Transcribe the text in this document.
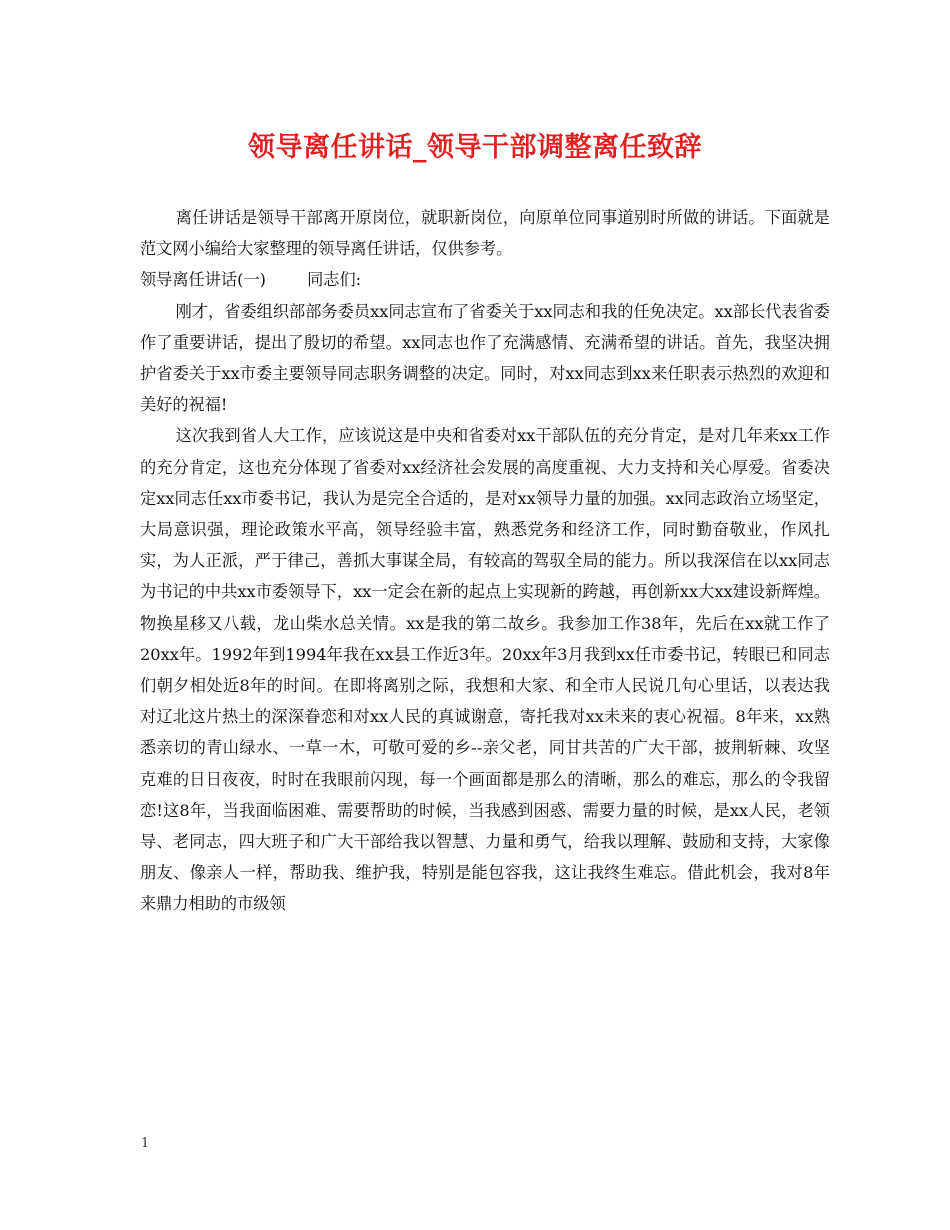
领导离任讲话_领导干部调整离任致辞

离任讲话是领导干部离开原岗位，就职新岗位，向原单位同事道别时所做的讲话。下面就是范文网小编给大家整理的领导离任讲话，仅供参考。

领导离任讲话(一)	同志们:

刚才，省委组织部部务委员xx同志宣布了省委关于xx同志和我的任免决定。xx部长代表省委作了重要讲话，提出了殷切的希望。xx同志也作了充满感情、充满希望的讲话。首先，我坚决拥护省委关于xx市委主要领导同志职务调整的决定。同时，对xx同志到xx来任职表示热烈的欢迎和美好的祝福!

这次我到省人大工作，应该说这是中央和省委对xx干部队伍的充分肯定，是对几年来xx工作的充分肯定，这也充分体现了省委对xx经济社会发展的高度重视、大力支持和关心厚爱。省委决定xx同志任xx市委书记，我认为是完全合适的，是对xx领导力量的加强。xx同志政治立场坚定，大局意识强，理论政策水平高，领导经验丰富，熟悉党务和经济工作，同时勤奋敬业，作风扎实，为人正派，严于律己，善抓大事谋全局，有较高的驾驭全局的能力。所以我深信在以xx同志为书记的中共xx市委领导下，xx一定会在新的起点上实现新的跨越，再创新xx大xx建设新辉煌。 物换星移又八载，龙山柴水总关情。xx是我的第二故乡。我参加工作38年，先后在xx就工作了20xx年。1992年到1994年我在xx县工作近3年。20xx年3月我到xx任市委书记，转眼已和同志们朝夕相处近8年的时间。在即将离别之际，我想和大家、和全市人民说几句心里话，以表达我对辽北这片热土的深深眷恋和对xx人民的真诚谢意，寄托我对xx未来的衷心祝福。8年来，xx熟悉亲切的青山绿水、一草一木，可敬可爱的乡--亲父老，同甘共苦的广大干部，披荆斩棘、攻坚克难的日日夜夜，时时在我眼前闪现，每一个画面都是那么的清晰，那么的难忘，那么的令我留恋!这8年，当我面临困难、需要帮助的时候，当我感到困惑、需要力量的时候，是xx人民，老领导、老同志，四大班子和广大干部给我以智慧、力量和勇气，给我以理解、鼓励和支持，大家像朋友、像亲人一样，帮助我、维护我，特别是能包容我，这让我终生难忘。借此机会，我对8年来鼎力相助的市级领

1
